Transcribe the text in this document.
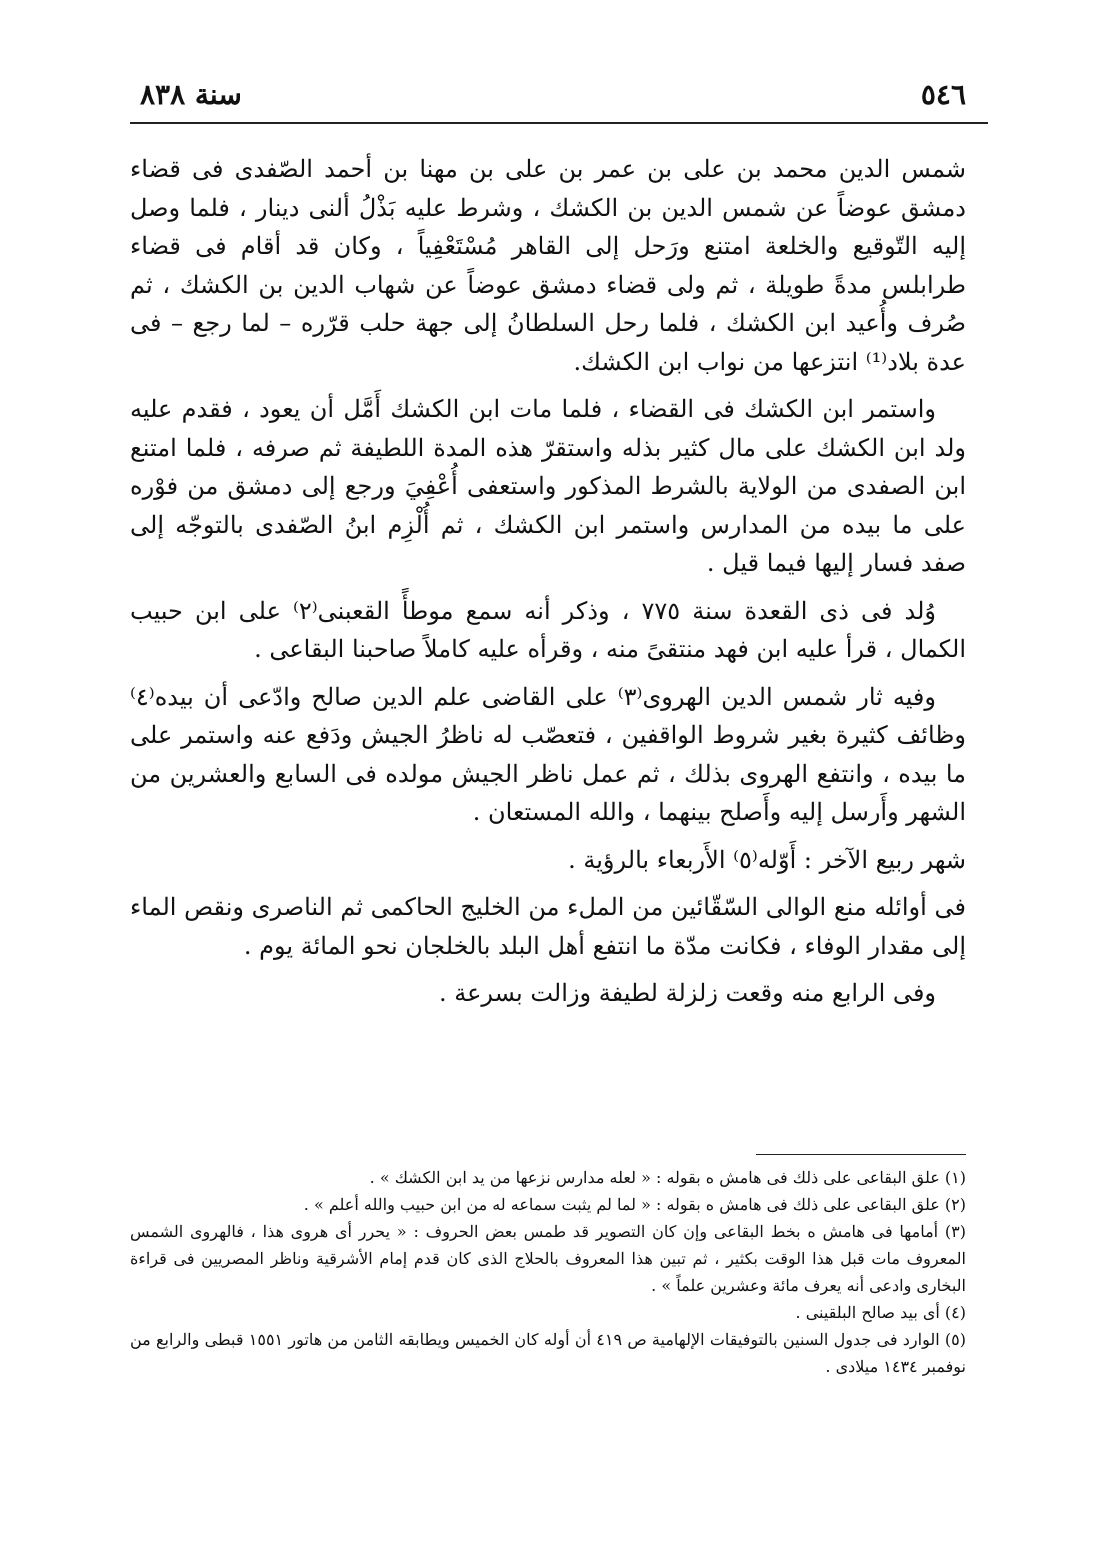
٥٤٦
سنة ٨٣٨

شمس الدين محمد بن على بن عمر بن على بن مهنا بن أحمد الصّفدى فى قضاء دمشق عوضاً عن شمس الدين بن الكشك ، وشرط عليه بَذْلُ ألنى دينار ، فلما وصل إليه التّوقيع والخلعة امتنع ورَحل إلى القاهر مُسْتَعْفِياً ، وكان قد أقام فى قضاء طرابلس مدةً طويلة ، ثم ولى قضاء دمشق عوضاً عن شهاب الدين بن الكشك ، ثم صُرف وأُعيد ابن الكشك ، فلما رحل السلطانُ إلى جهة حلب قرّره – لما رجع – فى عدة بلاد⁽¹⁾ انتزعها من نواب ابن الكشك.

واستمر ابن الكشك فى القضاء ، فلما مات ابن الكشك أَمَّل أن يعود ، فقدم عليه ولد ابن الكشك على مال كثير بذله واستقرّ هذه المدة اللطيفة ثم صرفه ، فلما امتنع ابن الصفدى من الولاية بالشرط المذكور واستعفى أُعْفِيَ ورجع إلى دمشق من فوْره على ما بيده من المدارس واستمر ابن الكشك ، ثم أُلْزِم ابنُ الصّفدى بالتوجّه إلى صفد فسار إليها فيما قيل .

وُلد فى ذى القعدة سنة ٧٧٥ ، وذكر أنه سمع موطأً القعبنى⁽٢⁾ على ابن حبيب الكمال ، قرأ عليه ابن فهد منتقىً منه ، وقرأه عليه كاملاً صاحبنا البقاعى .

وفيه ثار شمس الدين الهروى⁽٣⁾ على القاضى علم الدين صالح وادّعى أن بيده⁽٤⁾ وظائف كثيرة بغير شروط الواقفين ، فتعصّب له ناظرُ الجيش ودَفع عنه واستمر على ما بيده ، وانتفع الهروى بذلك ، ثم عمل ناظر الجيش مولده فى السابع والعشرين من الشهر وأَرسل إليه وأَصلح بينهما ، والله المستعان .

شهر ربيع الآخر : أَوّله⁽٥⁾ الأَربعاء بالرؤية .

فى أوائله منع الوالى السّقّائين من الملء من الخليج الحاكمى ثم الناصرى ونقص الماء إلى مقدار الوفاء ، فكانت مدّة ما انتفع أهل البلد بالخلجان نحو المائة يوم .

وفى الرابع منه وقعت زلزلة لطيفة وزالت بسرعة .

(١) علق البقاعى على ذلك فى هامش ه بقوله : « لعله مدارس نزعها من يد ابن الكشك » .

(٢) علق البقاعى على ذلك فى هامش ه بقوله : « لما لم يثبت سماعه له من ابن حبيب والله أعلم » .

(٣) أمامها فى هامش ه بخط البقاعى وإن كان التصوير قد طمس بعض الحروف : « يحرر أى هروى هذا ، فالهروى الشمس المعروف مات قبل هذا الوقت بكثير ، ثم تبين هذا المعروف بالحلاج الذى كان قدم إمام الأشرقية وناظر المصريين فى قراءة البخارى وادعى أنه يعرف مائة وعشرين علماً » .

(٤) أى بيد صالح البلقينى .

(٥) الوارد فى جدول السنين بالتوفيقات الإلهامية ص ٤١٩ أن أوله كان الخميس ويطابقه الثامن من هاتور ١٥٥١ قبطى والرابع من نوفمبر ١٤٣٤ ميلادى .
